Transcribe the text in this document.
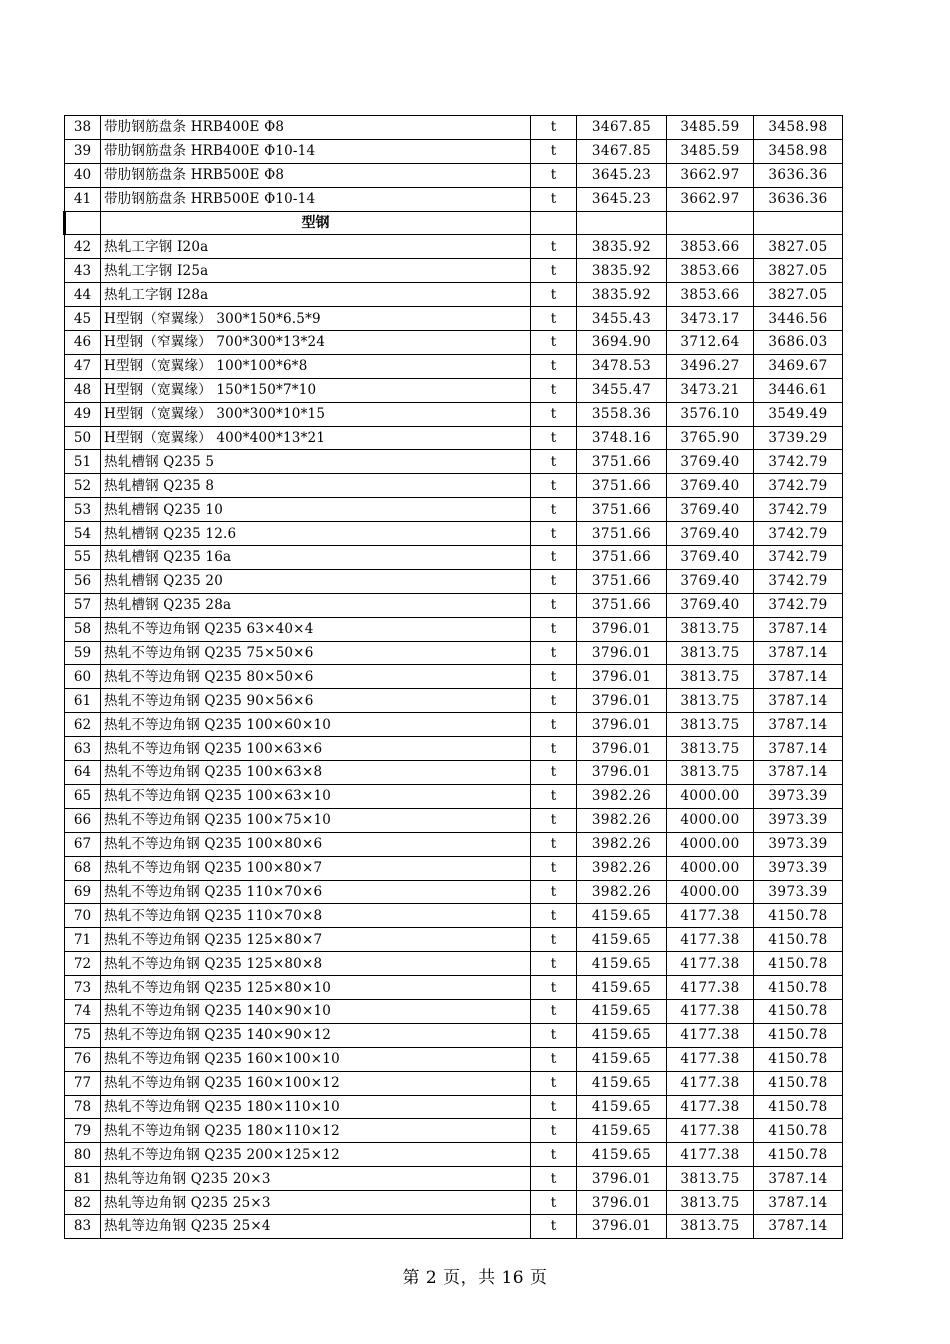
38	带肋钢筋盘条 HRB400E Φ8	t	3467.85	3485.59	3458.98
39	带肋钢筋盘条 HRB400E Φ10-14	t	3467.85	3485.59	3458.98
40	带肋钢筋盘条 HRB500E Φ8	t	3645.23	3662.97	3636.36
41	带肋钢筋盘条 HRB500E Φ10-14	t	3645.23	3662.97	3636.36
	型钢				
42	热轧工字钢 I20a	t	3835.92	3853.66	3827.05
43	热轧工字钢 I25a	t	3835.92	3853.66	3827.05
44	热轧工字钢 I28a	t	3835.92	3853.66	3827.05
45	H型钢（窄翼缘） 300*150*6.5*9	t	3455.43	3473.17	3446.56
46	H型钢（窄翼缘） 700*300*13*24	t	3694.90	3712.64	3686.03
47	H型钢（宽翼缘） 100*100*6*8	t	3478.53	3496.27	3469.67
48	H型钢（宽翼缘） 150*150*7*10	t	3455.47	3473.21	3446.61
49	H型钢（宽翼缘） 300*300*10*15	t	3558.36	3576.10	3549.49
50	H型钢（宽翼缘） 400*400*13*21	t	3748.16	3765.90	3739.29
51	热轧槽钢 Q235 5	t	3751.66	3769.40	3742.79
52	热轧槽钢 Q235 8	t	3751.66	3769.40	3742.79
53	热轧槽钢 Q235 10	t	3751.66	3769.40	3742.79
54	热轧槽钢 Q235 12.6	t	3751.66	3769.40	3742.79
55	热轧槽钢 Q235 16a	t	3751.66	3769.40	3742.79
56	热轧槽钢 Q235 20	t	3751.66	3769.40	3742.79
57	热轧槽钢 Q235 28a	t	3751.66	3769.40	3742.79
58	热轧不等边角钢 Q235 63×40×4	t	3796.01	3813.75	3787.14
59	热轧不等边角钢 Q235 75×50×6	t	3796.01	3813.75	3787.14
60	热轧不等边角钢 Q235 80×50×6	t	3796.01	3813.75	3787.14
61	热轧不等边角钢 Q235 90×56×6	t	3796.01	3813.75	3787.14
62	热轧不等边角钢 Q235 100×60×10	t	3796.01	3813.75	3787.14
63	热轧不等边角钢 Q235 100×63×6	t	3796.01	3813.75	3787.14
64	热轧不等边角钢 Q235 100×63×8	t	3796.01	3813.75	3787.14
65	热轧不等边角钢 Q235 100×63×10	t	3982.26	4000.00	3973.39
66	热轧不等边角钢 Q235 100×75×10	t	3982.26	4000.00	3973.39
67	热轧不等边角钢 Q235 100×80×6	t	3982.26	4000.00	3973.39
68	热轧不等边角钢 Q235 100×80×7	t	3982.26	4000.00	3973.39
69	热轧不等边角钢 Q235 110×70×6	t	3982.26	4000.00	3973.39
70	热轧不等边角钢 Q235 110×70×8	t	4159.65	4177.38	4150.78
71	热轧不等边角钢 Q235 125×80×7	t	4159.65	4177.38	4150.78
72	热轧不等边角钢 Q235 125×80×8	t	4159.65	4177.38	4150.78
73	热轧不等边角钢 Q235 125×80×10	t	4159.65	4177.38	4150.78
74	热轧不等边角钢 Q235 140×90×10	t	4159.65	4177.38	4150.78
75	热轧不等边角钢 Q235 140×90×12	t	4159.65	4177.38	4150.78
76	热轧不等边角钢 Q235 160×100×10	t	4159.65	4177.38	4150.78
77	热轧不等边角钢 Q235 160×100×12	t	4159.65	4177.38	4150.78
78	热轧不等边角钢 Q235 180×110×10	t	4159.65	4177.38	4150.78
79	热轧不等边角钢 Q235 180×110×12	t	4159.65	4177.38	4150.78
80	热轧不等边角钢 Q235 200×125×12	t	4159.65	4177.38	4150.78
81	热轧等边角钢 Q235 20×3	t	3796.01	3813.75	3787.14
82	热轧等边角钢 Q235 25×3	t	3796.01	3813.75	3787.14
83	热轧等边角钢 Q235 25×4	t	3796.01	3813.75	3787.14
第 2 页，共 16 页
